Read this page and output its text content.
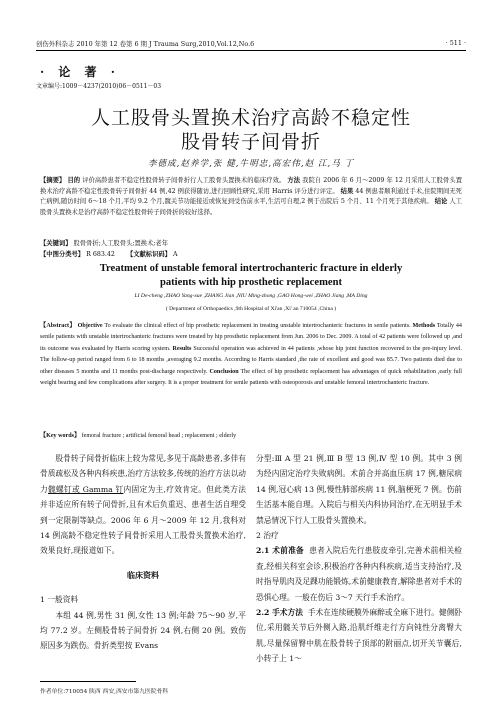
创伤外科杂志 2010 年第 12 卷第 6 期 J Trauma Surg,2010,Vol.12,No.6	· 511 ·
· 论 著 ·
文章编号:1009－4237(2010)06－0511－03
人工股骨头置换术治疗高龄不稳定性
股骨转子间骨折
李德成,赵养学,张 健,牛明忠,高宏伟,赵 江,马 丁
【摘要】 目的 评价高龄患者不稳定性股骨转子间骨折行人工股骨头置换术的临床疗效。 方法 我院自 2006 年 6 月～2009 年 12 月采用人工股骨头置换术治疗高龄不稳定性股骨转子间骨折 44 例,42 例获得随访,进行回顾性研究,采用 Harris 评分进行评定。 结果 44 例患者顺利通过手术,住院期间无死亡病例,随访时间 6～18 个月,平均 9.2 个月,髋关节功能接近或恢复到受伤前水平,生活可自理,2 例于出院后 5 个月、11 个月死于其他疾病。 结论 人工股骨头置换术是治疗高龄不稳定性股骨转子间骨折的较好选择。
【关键词】 股骨骨折;人工股骨头;置换术;老年
【中图分类号】 R 683.42 【文献标识码】 A
Treatment of unstable femoral intertrochanteric fracture in elderly
patients with hip prosthetic replacement
LI De-cheng ,ZHAO Yang-xue ,ZHANG Jian ,NIU Ming-zhong ,GAO Hong-wei ,ZHAO Jiang ,MA Ding
( Department of Orthopaedics ,9th Hospital of Xi'an ,Xi' an 710054 ,China )
【Abstract】 Objective To evaluate the clinical effect of hip prosthetic replacement in treating unstable intertrochanteric fractures in senile patients. Methods Totally 44 senile patients with unstable intertrochanteric fractures were treated by hip prosthetic replacement from Jun. 2006 to Dec. 2009. A total of 42 patients were followed up ,and its outcome was evaluated by Harris scoring system. Results Successful operation was achieved in 44 patients ,whose hip joint function recovered to the pre-injury level. The follow-up period ranged from 6 to 18 months ,averaging 9.2 months. According to Harris standard ,the rate of excellent and good was 85.7. Two patients died due to other diseases 5 months and 11 months post-discharge respectively. Conclusion The effect of hip prosthetic replacement has advantages of quick rehabilitation ,early full weight bearing and few complications after surgery. It is a proper treatment for senile patients with osteoporosis and unstable femoral intertrochanteric fracture.
【Key words】 femoral fracture ; artificial femoral head ; replacement ; elderly

股骨转子间骨折临床上较为常见,多见于高龄患者,多伴有骨质疏松及各种内科疾患,治疗方法较多,传统的治疗方法以动力髋螺钉或 Gamma 钉内固定为主,疗效肯定。但此类方法并非适应所有转子间骨折,且有术后负重迟、患者生活自理受到一定限制等缺点。2006 年 6 月～2009 年 12 月,我科对 14 例高龄不稳定性转子间骨折采用人工股骨头置换术治疗,效果良好,现报道如下。

临床资料
1 一般资料

本组 44 例,男性 31 例,女性 13 例;年龄 75～90 岁,平均 77.2 岁。左侧股骨转子间骨折 24 例,右侧 20 例。致伤原因多为跌伤。骨折类型按 Evans

分型:Ⅲ A 型 21 例,Ⅲ B 型 13 例,Ⅳ 型 10 例。其中 3 例为经内固定治疗失败病例。术前合并高血压病 17 例,糖尿病 14 例,冠心病 13 例,慢性肺部疾病 11 例,脑梗死 7 例。伤前生活基本能自理。入院后与相关内科协同治疗,在无明显手术禁忌情况下行人工股骨头置换术。

2 治疗

2.1 术前准备 患者入院后先行患肢皮牵引,完善术前相关检查,经相关科室会诊,积极治疗各种内科疾病,适当支持治疗,及时指导肌肉及足踝功能锻炼,术前健康教育,解除患者对手术的恐惧心理。一般在伤后 3～7 天行手术治疗。

2.2 手术方法 手术在连续硬膜外麻醉或全麻下进行。健侧卧位,采用髋关节后外侧入路,沿肌纤维走行方向钝性分离臀大肌,尽量保留臀中肌在股骨转子顶部的附丽点,切开关节囊后,小转子上 1～

作者单位:710054 陕西 西安,西安市第九医院骨科
